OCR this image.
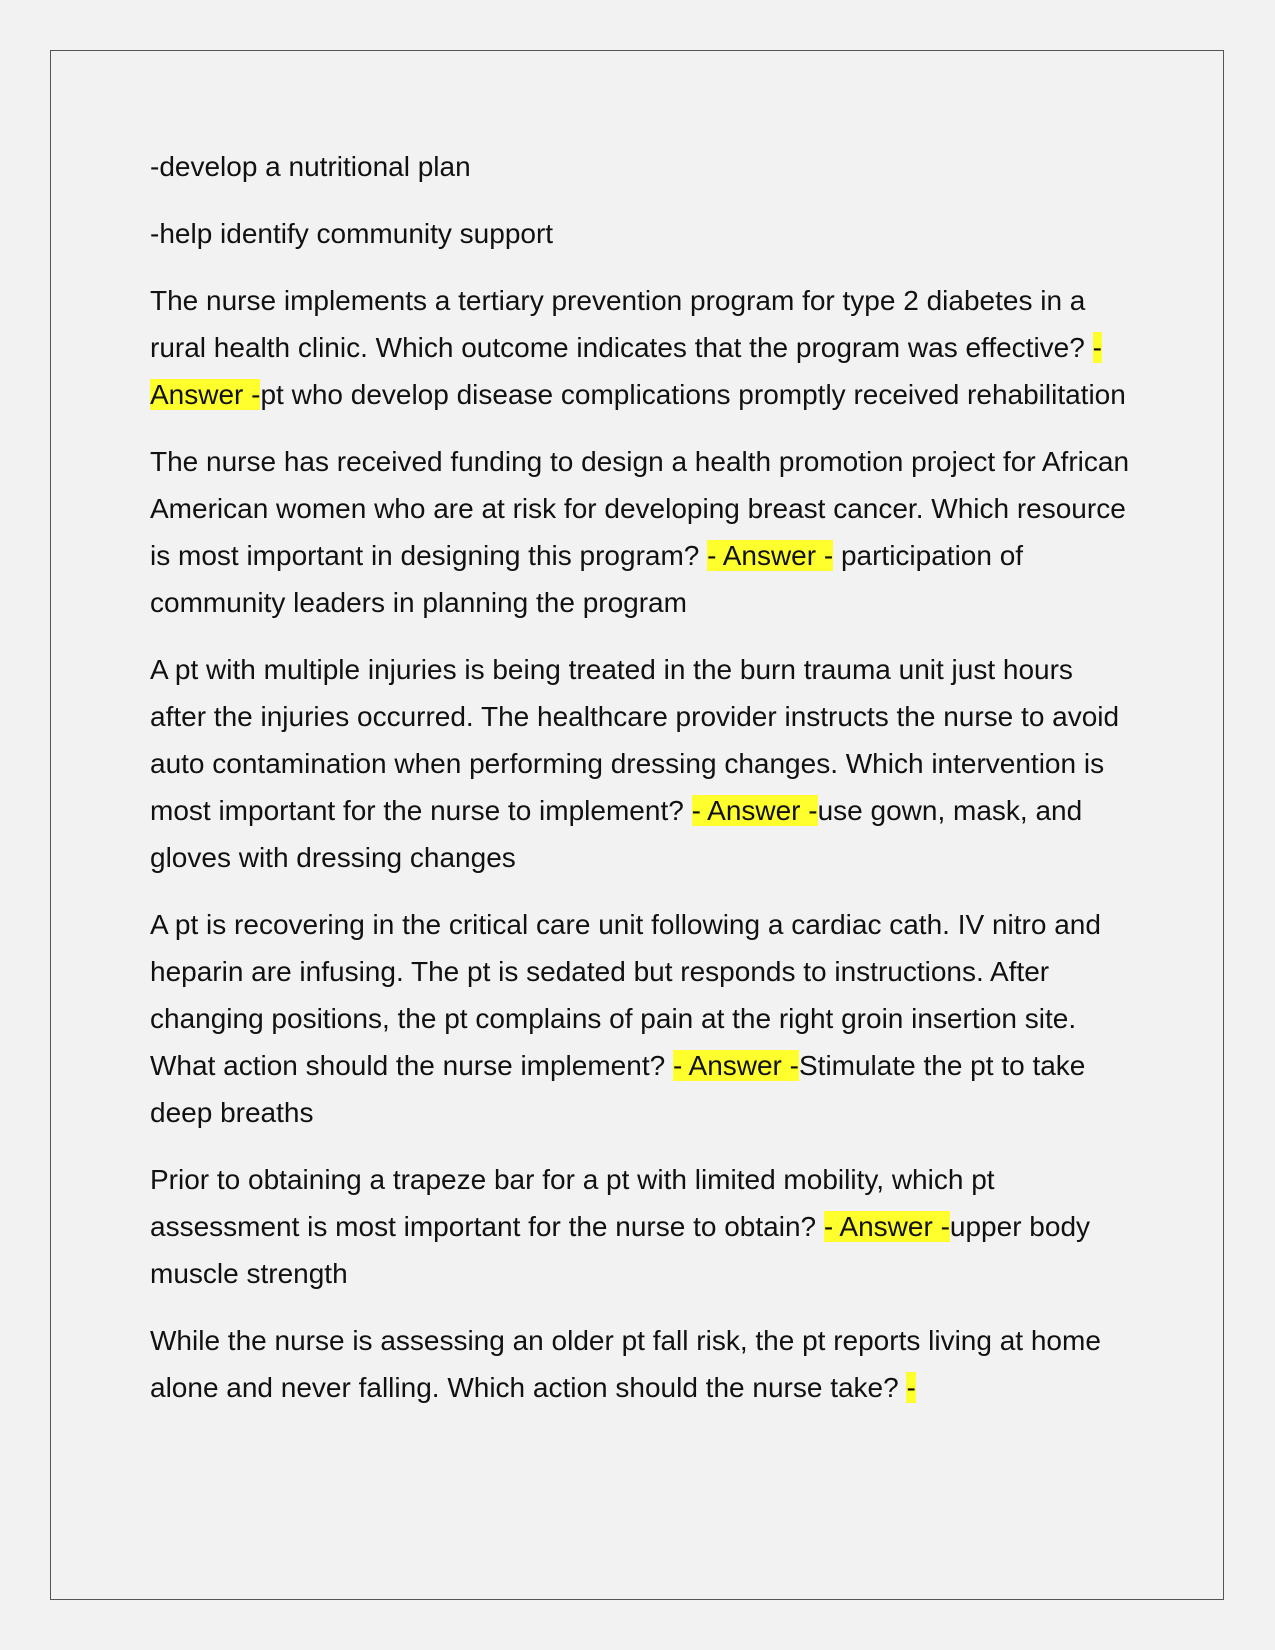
-develop a nutritional plan

-help identify community support

The nurse implements a tertiary prevention program for type 2 diabetes in a rural health clinic. Which outcome indicates that the program was effective? - Answer -pt who develop disease complications promptly received rehabilitation

The nurse has received funding to design a health promotion project for African American women who are at risk for developing breast cancer. Which resource is most important in designing this program? - Answer - participation of community leaders in planning the program

A pt with multiple injuries is being treated in the burn trauma unit just hours after the injuries occurred. The healthcare provider instructs the nurse to avoid auto contamination when performing dressing changes. Which intervention is most important for the nurse to implement? - Answer -use gown, mask, and gloves with dressing changes

A pt is recovering in the critical care unit following a cardiac cath. IV nitro and heparin are infusing. The pt is sedated but responds to instructions. After changing positions, the pt complains of pain at the right groin insertion site. What action should the nurse implement? - Answer -Stimulate the pt to take deep breaths

Prior to obtaining a trapeze bar for a pt with limited mobility, which pt assessment is most important for the nurse to obtain? - Answer -upper body muscle strength

While the nurse is assessing an older pt fall risk, the pt reports living at home alone and never falling. Which action should the nurse take? -
